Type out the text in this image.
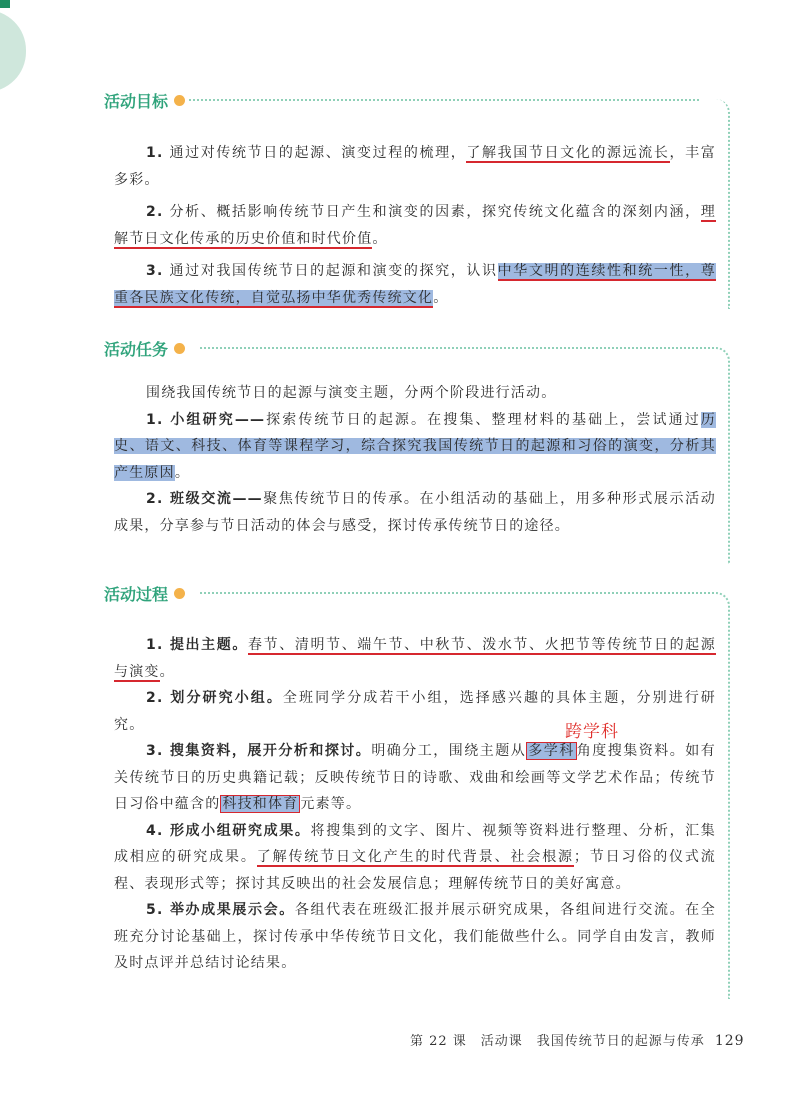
活动目标

1. 通过对传统节日的起源、演变过程的梳理，了解我国节日文化的源远流长，丰富多彩。

2. 分析、概括影响传统节日产生和演变的因素，探究传统文化蕴含的深刻内涵，理解节日文化传承的历史价值和时代价值。

3. 通过对我国传统节日的起源和演变的探究，认识中华文明的连续性和统一性，尊重各民族文化传统，自觉弘扬中华优秀传统文化。

活动任务

围绕我国传统节日的起源与演变主题，分两个阶段进行活动。

1. 小组研究——探索传统节日的起源。在搜集、整理材料的基础上，尝试通过历史、语文、科技、体育等课程学习，综合探究我国传统节日的起源和习俗的演变，分析其产生原因。

2. 班级交流——聚焦传统节日的传承。在小组活动的基础上，用多种形式展示活动成果，分享参与节日活动的体会与感受，探讨传承传统节日的途径。

活动过程

1. 提出主题。春节、清明节、端午节、中秋节、泼水节、火把节等传统节日的起源与演变。

2. 划分研究小组。全班同学分成若干小组，选择感兴趣的具体主题，分别进行研究。

3. 搜集资料，展开分析和探讨。明确分工，围绕主题从 多学科 角度搜集资料。如有关传统节日的历史典籍记载；反映传统节日的诗歌、戏曲和绘画等文学艺术作品；传统节日习俗中蕴含的 科技和体育 元素等。

4. 形成小组研究成果。将搜集到的文字、图片、视频等资料进行整理、分析，汇集成相应的研究成果。了解传统节日文化产生的时代背景、社会根源；节日习俗的仪式流程、表现形式等；探讨其反映出的社会发展信息；理解传统节日的美好寓意。

5. 举办成果展示会。各组代表在班级汇报并展示研究成果，各组间进行交流。在全班充分讨论基础上，探讨传承中华传统节日文化，我们能做些什么。同学自由发言，教师及时点评并总结讨论结果。

跨学科
第 22 课　活动课　我国传统节日的起源与传承 129
